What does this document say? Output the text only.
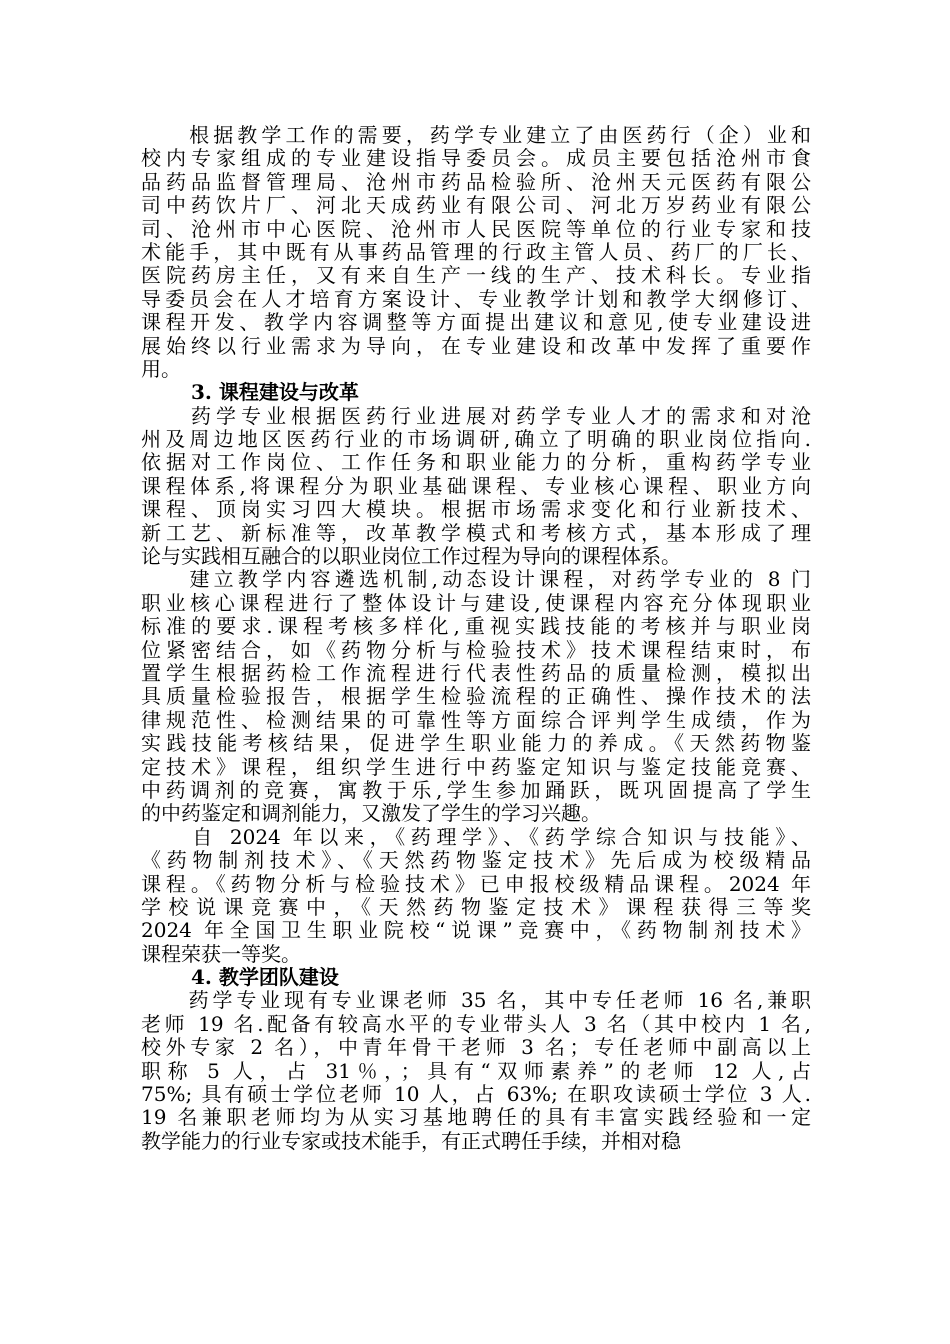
　　根据教学工作的需要，药学专业建立了由医药行（企）业和
校内专家组成的专业建设指导委员会。成员主要包括沧州市食
品药品监督管理局、沧州市药品检验所、沧州天元医药有限公
司中药饮片厂、河北天成药业有限公司、河北万岁药业有限公
司、沧州市中心医院、沧州市人民医院等单位的行业专家和技
术能手，其中既有从事药品管理的行政主管人员、药厂的厂长、
医院药房主任，又有来自生产一线的生产、技术科长。专业指
导委员会在人才培育方案设计、专业教学计划和教学大纲修订、
课程开发、教学内容调整等方面提出建议和意见,使专业建设进
展始终以行业需求为导向，在专业建设和改革中发挥了重要作
用。
3. 课程建设与改革
　　药学专业根据医药行业进展对药学专业人才的需求和对沧
州及周边地区医药行业的市场调研,确立了明确的职业岗位指向.
依据对工作岗位、工作任务和职业能力的分析，重构药学专业
课程体系,将课程分为职业基础课程、专业核心课程、职业方向
课程、顶岗实习四大模块。根据市场需求变化和行业新技术、
新工艺、新标准等，改革教学模式和考核方式，基本形成了理
论与实践相互融合的以职业岗位工作过程为导向的课程体系。
　　建立教学内容遴选机制,动态设计课程，对药学专业的 8 门
职业核心课程进行了整体设计与建设,使课程内容充分体现职业
标准的要求.课程考核多样化,重视实践技能的考核并与职业岗
位紧密结合，如《药物分析与检验技术》技术课程结束时，布
置学生根据药检工作流程进行代表性药品的质量检测，模拟出
具质量检验报告，根据学生检验流程的正确性、操作技术的法
律规范性、检测结果的可靠性等方面综合评判学生成绩，作为
实践技能考核结果，促进学生职业能力的养成。《天然药物鉴
定技术》课程，组织学生进行中药鉴定知识与鉴定技能竞赛、
中药调剂的竞赛，寓教于乐,学生参加踊跃，既巩固提高了学生
的中药鉴定和调剂能力，又激发了学生的学习兴趣。
　　自 2024 年以来，《药理学》、《药学综合知识与技能》、
《药物制剂技术》、《天然药物鉴定技术》先后成为校级精品
课程。《药物分析与检验技术》已申报校级精品课程。2024 年
学校说课竞赛中，《天然药物鉴定技术》课程获得三等奖
2024 年全国卫生职业院校“说课”竞赛中，《药物制剂技术》
课程荣获一等奖。
4. 教学团队建设
　　药学专业现有专业课老师 35 名，其中专任老师 16 名,兼职
老师 19 名.配备有较高水平的专业带头人 3 名（其中校内 1 名,
校外专家 2 名），中青年骨干老师 3 名；专任老师中副高以上
职称 5 人，占 31％，；具有“双师素养”的老师 12 人,占
75%; 具有硕士学位老师 10 人，占 63%; 在职攻读硕士学位 3 人.
19 名兼职老师均为从实习基地聘任的具有丰富实践经验和一定
教学能力的行业专家或技术能手，有正式聘任手续，并相对稳
